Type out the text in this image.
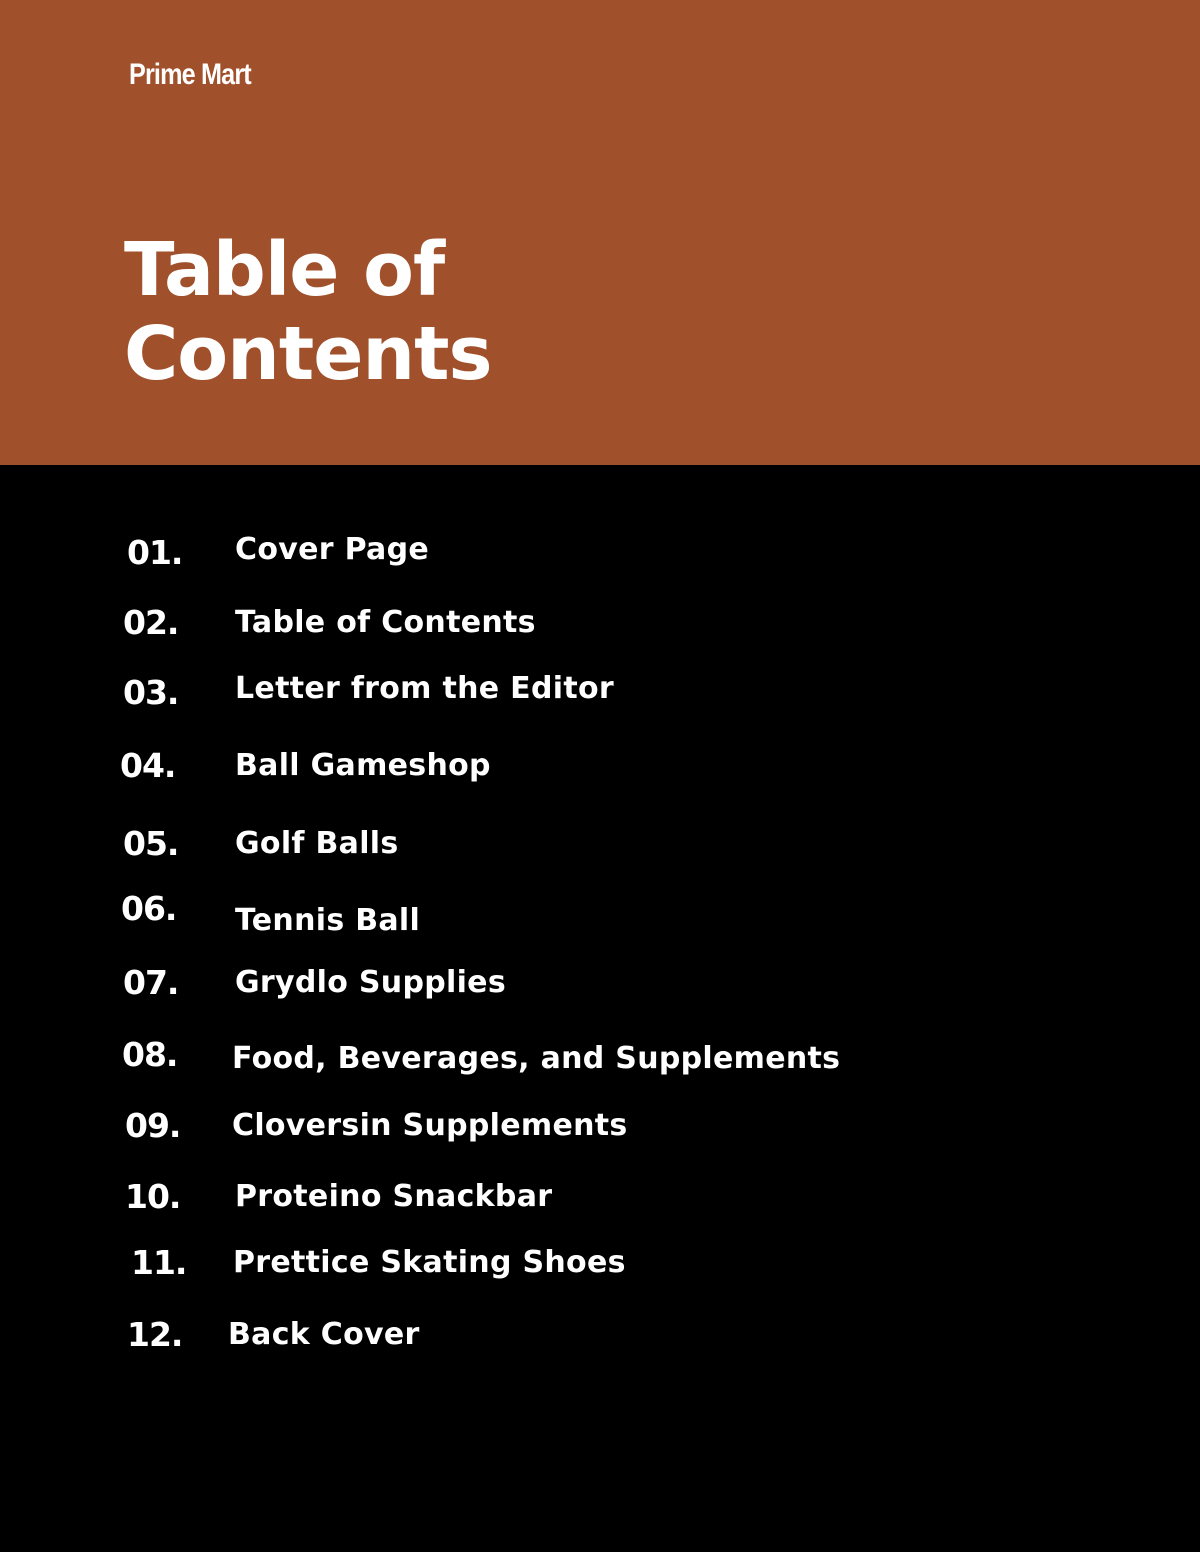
Prime Mart
Table of
Contents
01. Cover Page
02. Table of Contents
03. Letter from the Editor
04. Ball Gameshop
05. Golf Balls
06. Tennis Ball
07. Grydlo Supplies
08. Food, Beverages, and Supplements
09. Cloversin Supplements
10. Proteino Snackbar
11. Prettice Skating Shoes
12. Back Cover
